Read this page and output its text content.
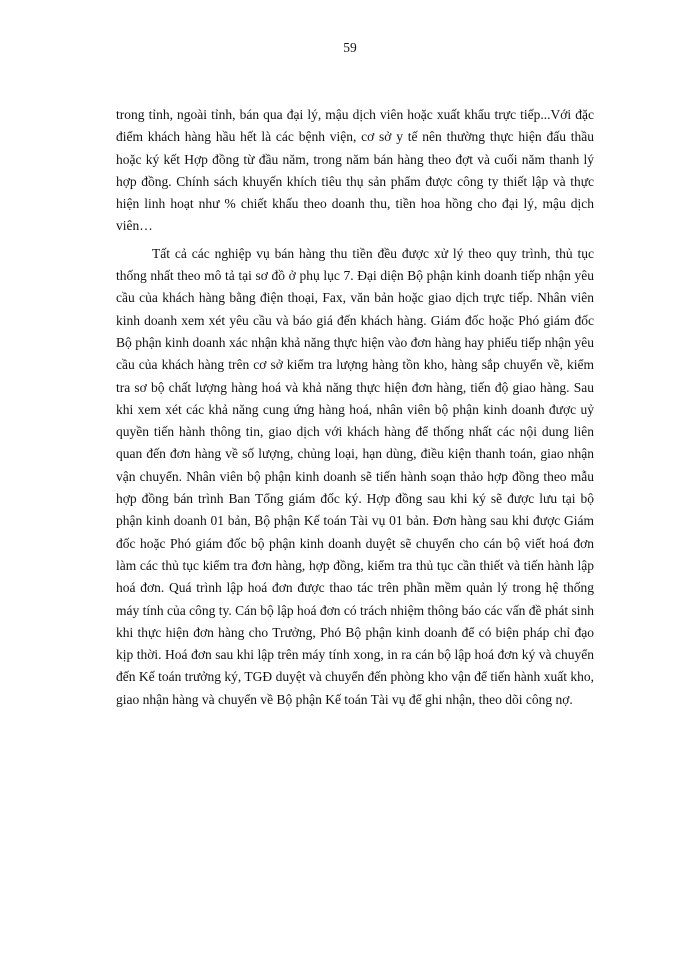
59

trong tỉnh, ngoài tỉnh, bán qua đại lý, mậu dịch viên hoặc xuất khẩu trực tiếp...Với đặc điểm khách hàng hầu hết là các bệnh viện, cơ sở y tế nên thường thực hiện đấu thầu hoặc ký kết Hợp đồng từ đầu năm, trong năm bán hàng theo đợt và cuối năm thanh lý hợp đồng. Chính sách khuyến khích tiêu thụ sản phẩm được công ty thiết lập và thực hiện linh hoạt như % chiết khấu theo doanh thu, tiền hoa hồng cho đại lý, mậu dịch viên…

Tất cả các nghiệp vụ bán hàng thu tiền đều được xử lý theo quy trình, thủ tục thống nhất theo mô tả tại sơ đồ ở phụ lục 7. Đại diện Bộ phận kinh doanh tiếp nhận yêu cầu của khách hàng bằng điện thoại, Fax, văn bản hoặc giao dịch trực tiếp. Nhân viên kinh doanh xem xét yêu cầu và báo giá đến khách hàng. Giám đốc hoặc Phó giám đốc Bộ phận kinh doanh xác nhận khả năng thực hiện vào đơn hàng hay phiếu tiếp nhận yêu cầu của khách hàng trên cơ sở kiểm tra lượng hàng tồn kho, hàng sắp chuyển về, kiểm tra sơ bộ chất lượng hàng hoá và khả năng thực hiện đơn hàng, tiến độ giao hàng. Sau khi xem xét các khả năng cung ứng hàng hoá, nhân viên bộ phận kinh doanh được uỷ quyền tiến hành thông tin, giao dịch với khách hàng để thống nhất các nội dung liên quan đến đơn hàng về số lượng, chủng loại, hạn dùng, điều kiện thanh toán, giao nhận vận chuyển. Nhân viên bộ phận kinh doanh sẽ tiến hành soạn thảo hợp đồng theo mẫu hợp đồng bán trình Ban Tổng giám đốc ký. Hợp đồng sau khi ký sẽ được lưu tại bộ phận kinh doanh 01 bản, Bộ phận Kế toán Tài vụ 01 bản. Đơn hàng sau khi được Giám đốc hoặc Phó giám đốc bộ phận kinh doanh duyệt sẽ chuyển cho cán bộ viết hoá đơn làm các thủ tục kiểm tra đơn hàng, hợp đồng, kiểm tra thủ tục cần thiết và tiến hành lập hoá đơn. Quá trình lập hoá đơn được thao tác trên phần mềm quản lý trong hệ thống máy tính của công ty. Cán bộ lập hoá đơn có trách nhiệm thông báo các vấn đề phát sinh khi thực hiện đơn hàng cho Trưởng, Phó Bộ phận kinh doanh để có biện pháp chỉ đạo kịp thời. Hoá đơn sau khi lập trên máy tính xong, in ra cán bộ lập hoá đơn ký và chuyển đến Kế toán trưởng ký, TGĐ duyệt và chuyển đến phòng kho vận để tiến hành xuất kho, giao nhận hàng và chuyển về Bộ phận Kế toán Tài vụ để ghi nhận, theo dõi công nợ.
